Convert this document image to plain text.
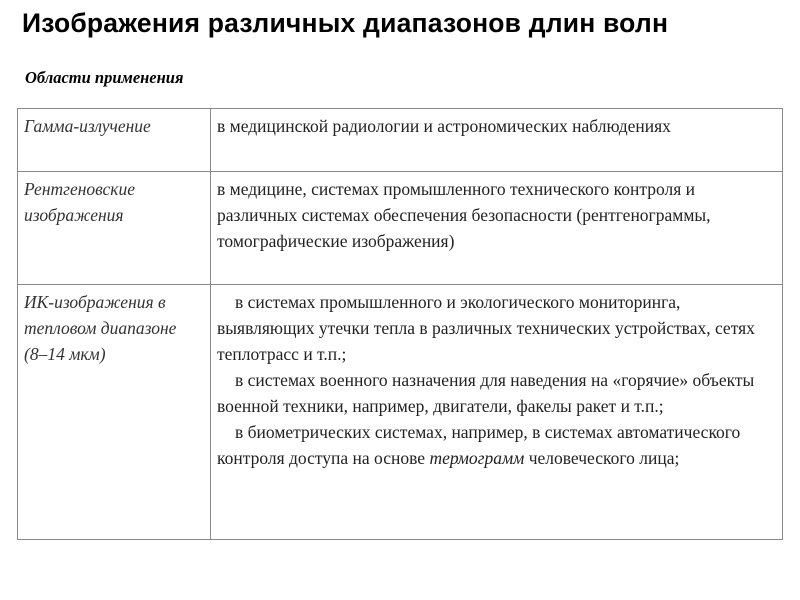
Изображения различных диапазонов длин волн
Области применения
Гамма-излучение	в медицинской радиологии и астрономических наблюдениях
Рентгеновские изображения	в медицине, системах промышленного технического контроля и различных системах обеспечения безопасности (рентгенограммы, томографические изображения)
ИК-изображения в тепловом диапазоне (8–14 мкм)	в системах промышленного и экологического мониторинга, выявляющих утечки тепла в различных технических устройствах, сетях теплотрасс и т.п.;
в системах военного назначения для наведения на «горячие» объекты военной техники, например, двигатели, факелы ракет и т.п.;
в биометрических системах, например, в системах автоматического контроля доступа на основе термограмм человеческого лица;
